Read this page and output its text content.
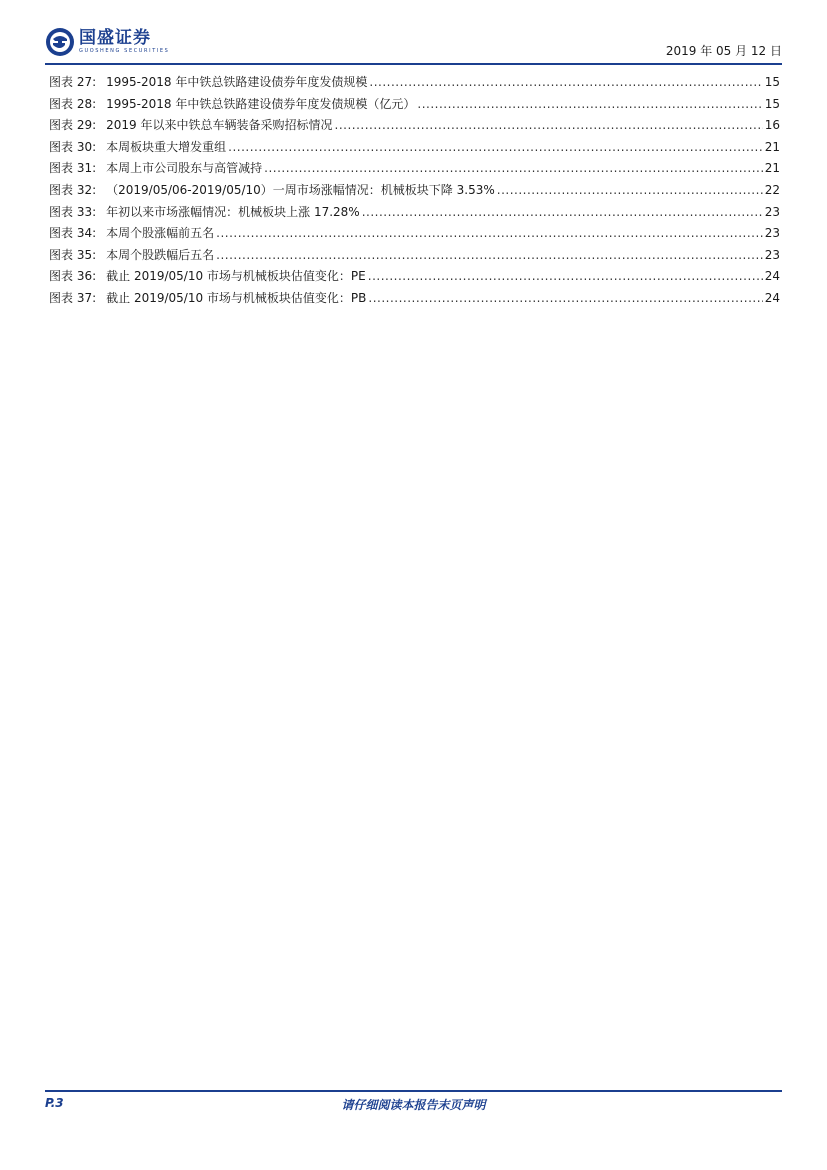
国盛证券
GUOSHENG SECURITIES	2019 年 05 月 12 日
图表 27: 1995-2018 年中铁总铁路建设债券年度发债规模 .....	15
图表 28: 1995-2018 年中铁总铁路建设债券年度发债规模（亿元） .....	15
图表 29: 2019 年以来中铁总车辆装备采购招标情况 .....	16
图表 30: 本周板块重大增发重组 .....	21
图表 31: 本周上市公司股东与高管减持 .....	21
图表 32: （2019/05/06-2019/05/10）一周市场涨幅情况：机械板块下降 3.53% .....	22
图表 33: 年初以来市场涨幅情况：机械板块上涨 17.28% .....	23
图表 34: 本周个股涨幅前五名 .....	23
图表 35: 本周个股跌幅后五名 .....	23
图表 36: 截止 2019/05/10 市场与机械板块估值变化：PE .....	24
图表 37: 截止 2019/05/10 市场与机械板块估值变化：PB .....	24
P.3	请仔细阅读本报告末页声明
